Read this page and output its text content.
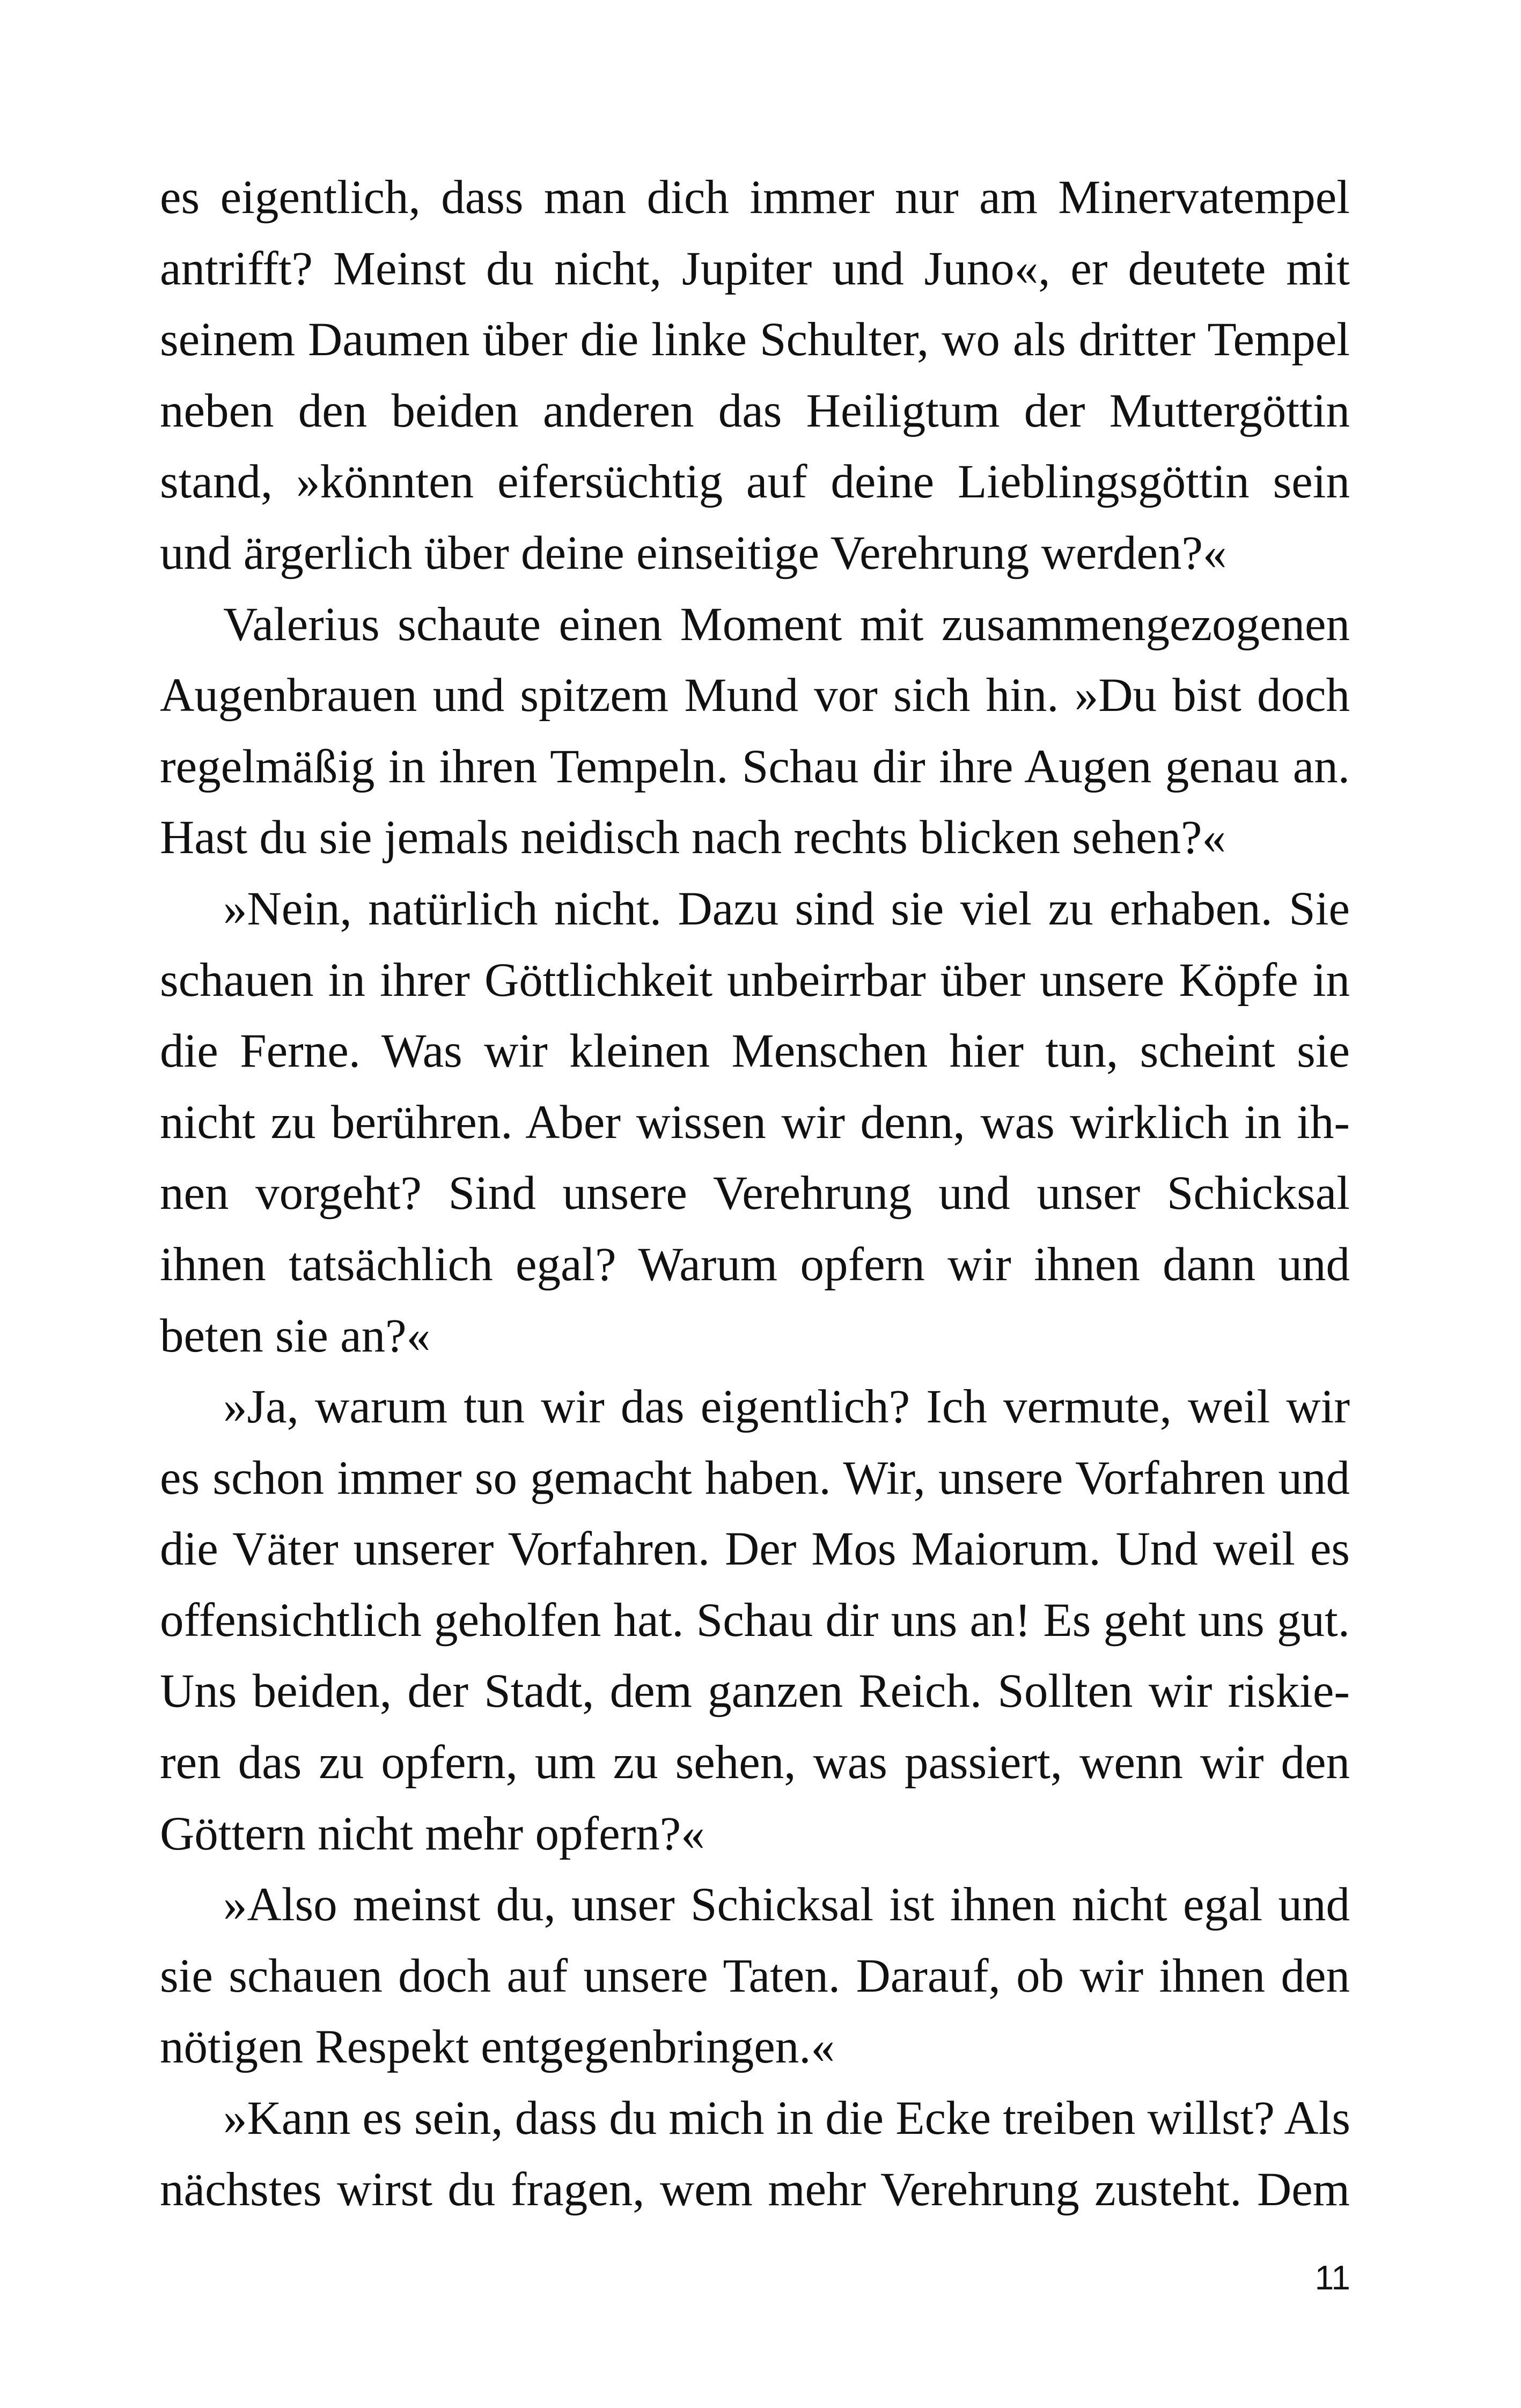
es eigentlich, dass man dich immer nur am Minervatempel
antrifft? Meinst du nicht, Jupiter und Juno«, er deutete mit
seinem Daumen über die linke Schulter, wo als dritter Tempel
neben den beiden anderen das Heiligtum der Muttergöttin
stand, »könnten eifersüchtig auf deine Lieblingsgöttin sein
und ärgerlich über deine einseitige Verehrung werden?«
Valerius schaute einen Moment mit zusammengezogenen
Augenbrauen und spitzem Mund vor sich hin. »Du bist doch
regelmäßig in ihren Tempeln. Schau dir ihre Augen genau an.
Hast du sie jemals neidisch nach rechts blicken sehen?«
»Nein, natürlich nicht. Dazu sind sie viel zu erhaben. Sie
schauen in ihrer Göttlichkeit unbeirrbar über unsere Köpfe in
die Ferne. Was wir kleinen Menschen hier tun, scheint sie
nicht zu berühren. Aber wissen wir denn, was wirklich in ih-
nen vorgeht? Sind unsere Verehrung und unser Schicksal
ihnen tatsächlich egal? Warum opfern wir ihnen dann und
beten sie an?«
»Ja, warum tun wir das eigentlich? Ich vermute, weil wir
es schon immer so gemacht haben. Wir, unsere Vorfahren und
die Väter unserer Vorfahren. Der Mos Maiorum. Und weil es
offensichtlich geholfen hat. Schau dir uns an! Es geht uns gut.
Uns beiden, der Stadt, dem ganzen Reich. Sollten wir riskie-
ren das zu opfern, um zu sehen, was passiert, wenn wir den
Göttern nicht mehr opfern?«
»Also meinst du, unser Schicksal ist ihnen nicht egal und
sie schauen doch auf unsere Taten. Darauf, ob wir ihnen den
nötigen Respekt entgegenbringen.«
»Kann es sein, dass du mich in die Ecke treiben willst? Als
nächstes wirst du fragen, wem mehr Verehrung zusteht. Dem
11
